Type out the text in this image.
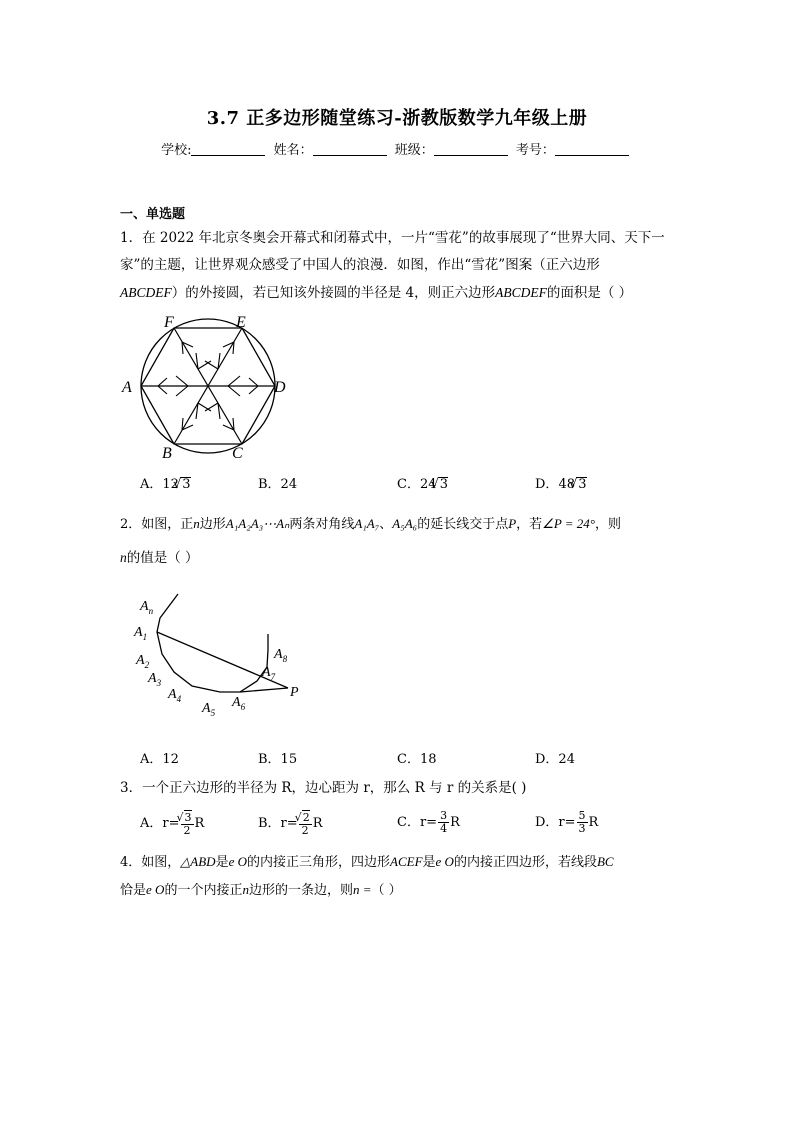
3.7 正多边形随堂练习-浙教版数学九年级上册
学校:	姓名：	班级：	考号：
一、单选题
1．在 2022 年北京冬奥会开幕式和闭幕式中，一片“雪花”的故事展现了“世界大同、天下一
家”的主题，让世界观众感受了中国人的浪漫．如图，作出“雪花”图案（正六边形
ABCDEF）的外接圆，若已知该外接圆的半径是 4，则正六边形ABCDEF的面积是（ ）
F	E
A	D
B	C
A．12 √ 3	B．24	C．24 √ 3	D．48 √ 3
2．如图，正n边形A₁A₂A₃⋯Aₙ两条对角线A₁A₇、A₅A₆的延长线交于点P，若∠P = 24°，则
n的值是（ ）
$A_n$
$A_1$
$A_2$
$A_3$
$A_4$
$A_5$
$A_6$
$A_7$
$A_8$
P
A．12	B．15	C．18	D．24
3．一个正六边形的半径为 R，边心距为 r，那么 R 与 r 的关系是( )
A．r= √ $\frac{3}{2}$ R	B．r= √ $\frac{2}{2}$ R	C．$r= \frac{3}{4}$ R	D．$r= \frac{5}{3}$ R
4．如图，△ABD是e O的内接正三角形，四边形ACEF是e O的内接正四边形，若线段BC
恰是e O的一个内接正n边形的一条边，则n =（ ）
